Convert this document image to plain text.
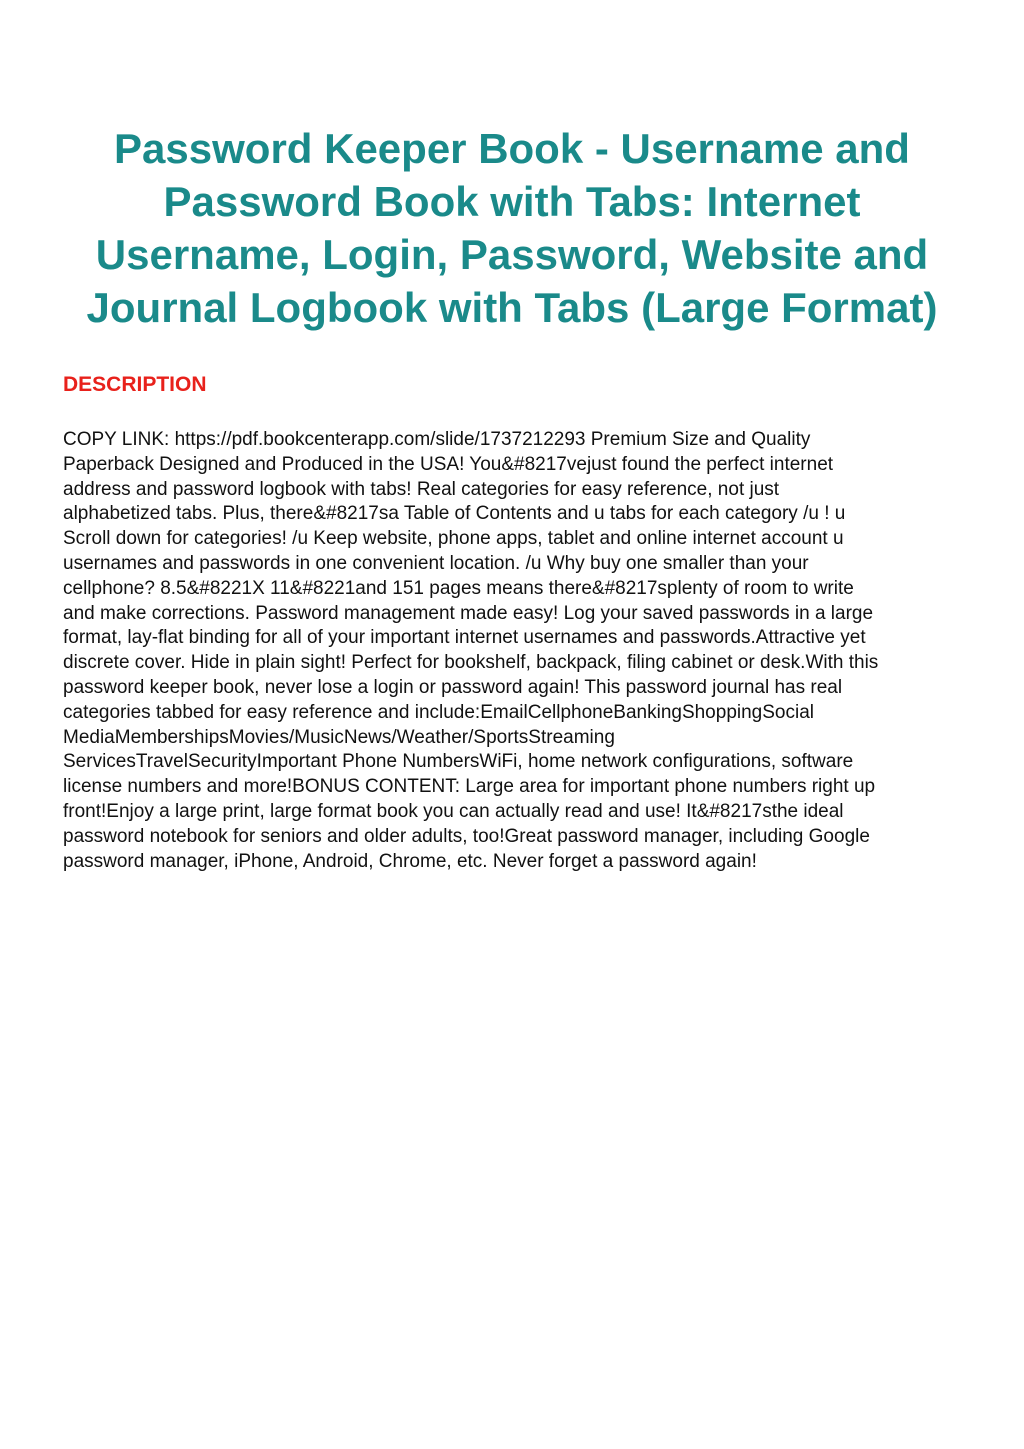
Password Keeper Book - Username and
Password Book with Tabs: Internet
Username, Login, Password, Website and
Journal Logbook with Tabs (Large Format)
DESCRIPTION
COPY LINK: https://pdf.bookcenterapp.com/slide/1737212293 Premium Size and Quality
Paperback Designed and Produced in the USA! You&#8217vejust found the perfect internet
address and password logbook with tabs! Real categories for easy reference, not just
alphabetized tabs. Plus, there&#8217sa Table of Contents and u tabs for each category /u ! u
Scroll down for categories! /u Keep website, phone apps, tablet and online internet account u
usernames and passwords in one convenient location. /u Why buy one smaller than your
cellphone? 8.5&#8221X 11&#8221and 151 pages means there&#8217splenty of room to write
and make corrections. Password management made easy! Log your saved passwords in a large
format, lay-flat binding for all of your important internet usernames and passwords.Attractive yet
discrete cover. Hide in plain sight! Perfect for bookshelf, backpack, filing cabinet or desk.With this
password keeper book, never lose a login or password again! This password journal has real
categories tabbed for easy reference and include:EmailCellphoneBankingShoppingSocial
MediaMembershipsMovies/MusicNews/Weather/SportsStreaming
ServicesTravelSecurityImportant Phone NumbersWiFi, home network configurations, software
license numbers and more!BONUS CONTENT: Large area for important phone numbers right up
front!Enjoy a large print, large format book you can actually read and use! It&#8217sthe ideal
password notebook for seniors and older adults, too!Great password manager, including Google
password manager, iPhone, Android, Chrome, etc. Never forget a password again!
